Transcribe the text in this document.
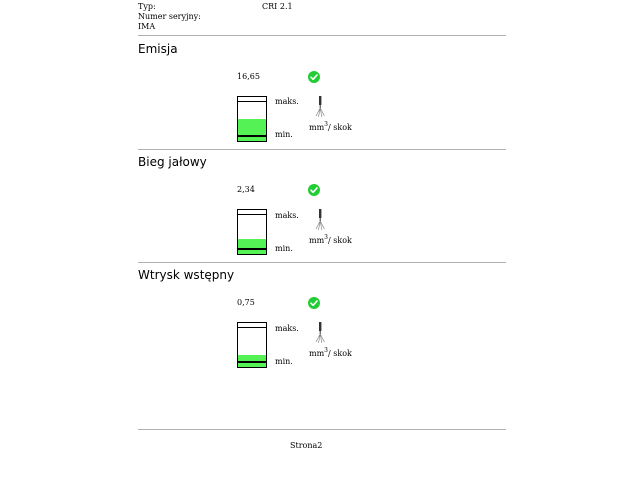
Typ:	CRI 2.1
Numer seryjny:
IMA
Emisja
16,65
maks.
min.
$mm^3/$ skok
Bieg jałowy
2,34
maks.
min.
$mm^3/$ skok
Wtrysk wstępny
0,75
maks.
min.
$mm^3/$ skok
Strona2
